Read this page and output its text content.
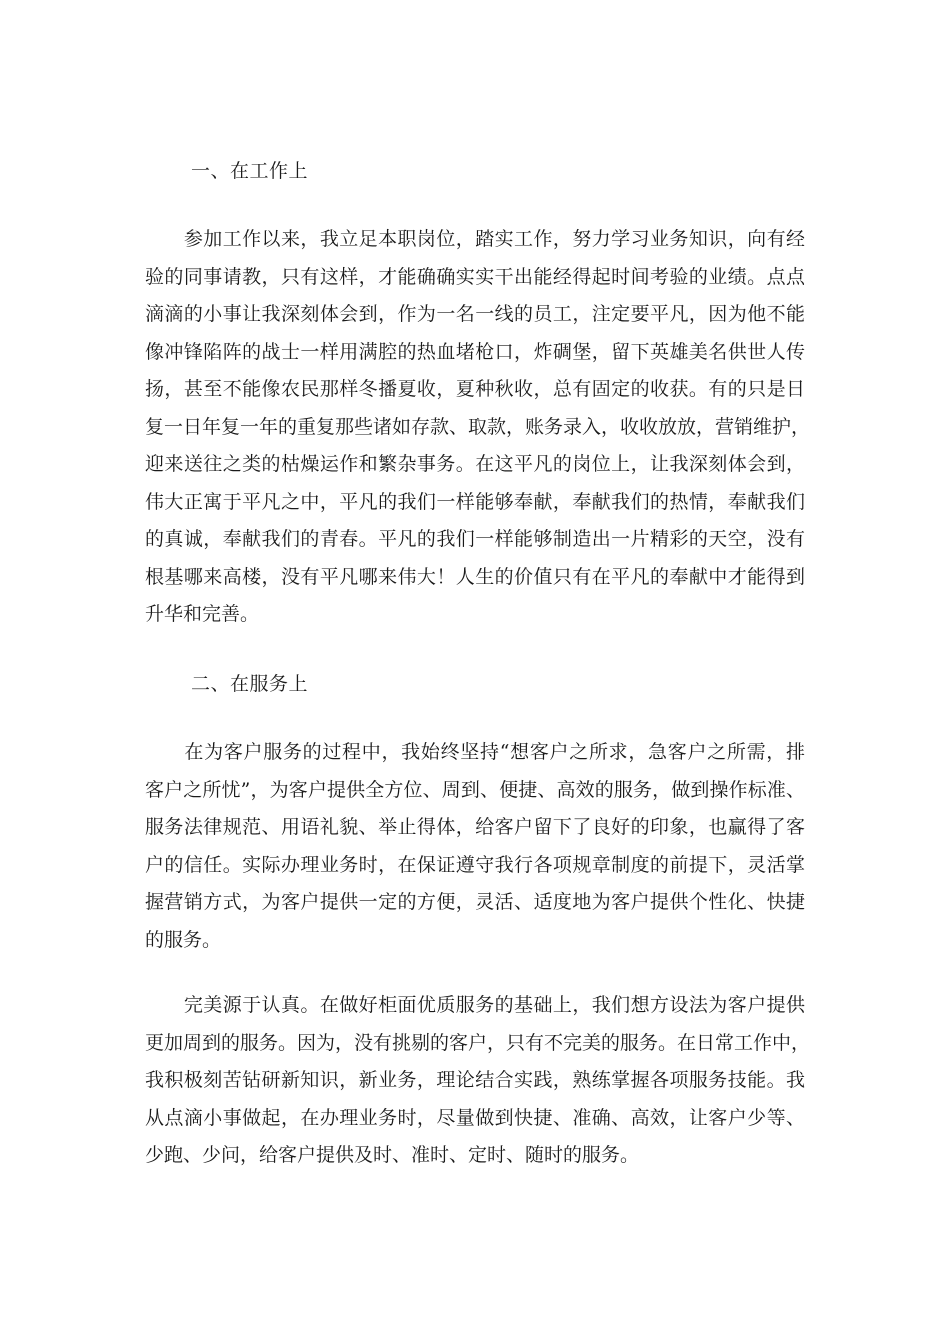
一、在工作上
　　参加工作以来，我立足本职岗位，踏实工作，努力学习业务知识，向有经
验的同事请教，只有这样，才能确确实实干出能经得起时间考验的业绩。点点
滴滴的小事让我深刻体会到，作为一名一线的员工，注定要平凡，因为他不能
像冲锋陷阵的战士一样用满腔的热血堵枪口，炸碉堡，留下英雄美名供世人传
扬，甚至不能像农民那样冬播夏收，夏种秋收，总有固定的收获。有的只是日
复一日年复一年的重复那些诸如存款、取款，账务录入，收收放放，营销维护，
迎来送往之类的枯燥运作和繁杂事务。在这平凡的岗位上，让我深刻体会到，
伟大正寓于平凡之中，平凡的我们一样能够奉献，奉献我们的热情，奉献我们
的真诚，奉献我们的青春。平凡的我们一样能够制造出一片精彩的天空，没有
根基哪来高楼，没有平凡哪来伟大！人生的价值只有在平凡的奉献中才能得到
升华和完善。
二、在服务上
　　在为客户服务的过程中，我始终坚持“想客户之所求，急客户之所需，排
客户之所忧”，为客户提供全方位、周到、便捷、高效的服务，做到操作标准、
服务法律规范、用语礼貌、举止得体，给客户留下了良好的印象，也赢得了客
户的信任。实际办理业务时，在保证遵守我行各项规章制度的前提下，灵活掌
握营销方式，为客户提供一定的方便，灵活、适度地为客户提供个性化、快捷
的服务。
　　完美源于认真。在做好柜面优质服务的基础上，我们想方设法为客户提供
更加周到的服务。因为，没有挑剔的客户，只有不完美的服务。在日常工作中，
我积极刻苦钻研新知识，新业务，理论结合实践，熟练掌握各项服务技能。我
从点滴小事做起，在办理业务时，尽量做到快捷、准确、高效，让客户少等、
少跑、少问，给客户提供及时、准时、定时、随时的服务。
